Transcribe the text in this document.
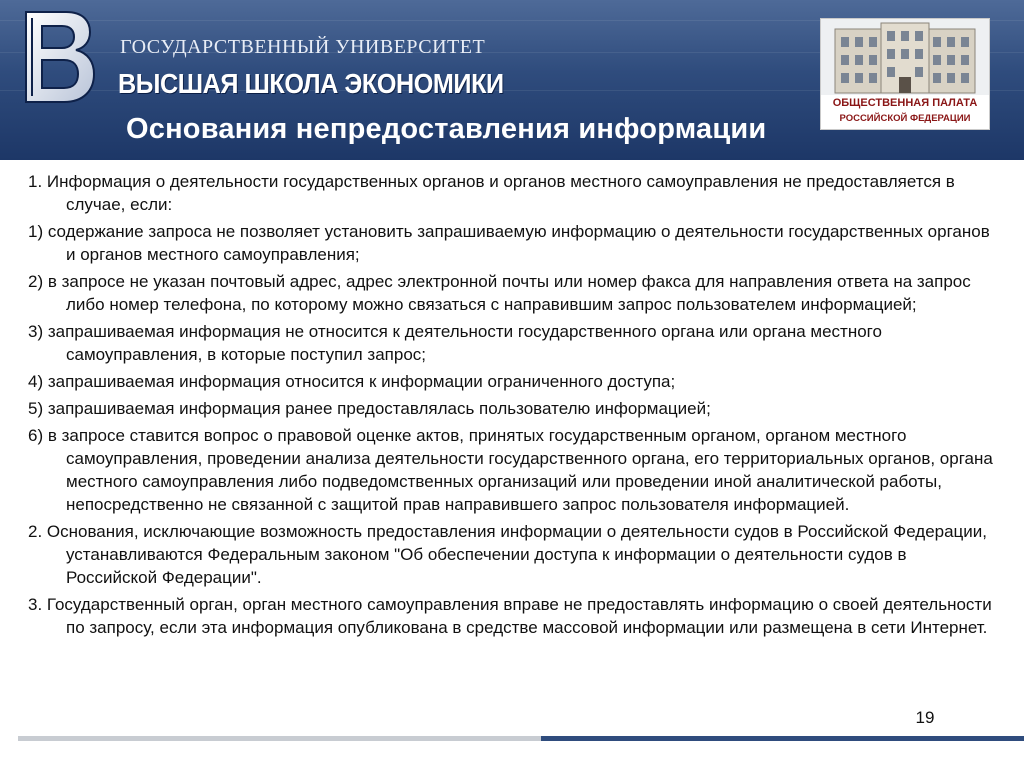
ГОСУДАРСТВЕННЫЙ УНИВЕРСИТЕТ
ВЫСШАЯ ШКОЛА ЭКОНОМИКИ
Основания непредоставления информации
ОБЩЕСТВЕННАЯ ПАЛАТА
РОССИЙСКОЙ ФЕДЕРАЦИИ

1. Информация о деятельности государственных органов и органов местного самоуправления не предоставляется в случае, если:

1) содержание запроса не позволяет установить запрашиваемую информацию о деятельности государственных органов и органов местного самоуправления;

2) в запросе не указан почтовый адрес, адрес электронной почты или номер факса для направления ответа на запрос либо номер телефона, по которому можно связаться с направившим запрос пользователем информацией;

3) запрашиваемая информация не относится к деятельности государственного органа или органа местного самоуправления, в которые поступил запрос;

4) запрашиваемая информация относится к информации ограниченного доступа;

5) запрашиваемая информация ранее предоставлялась пользователю информацией;

6) в запросе ставится вопрос о правовой оценке актов, принятых государственным органом, органом местного самоуправления, проведении анализа деятельности государственного органа, его территориальных органов, органа местного самоуправления либо подведомственных организаций или проведении иной аналитической работы, непосредственно не связанной с защитой прав направившего запрос пользователя информацией.

2. Основания, исключающие возможность предоставления информации о деятельности судов в Российской Федерации, устанавливаются Федеральным законом "Об обеспечении доступа к информации о деятельности судов в Российской Федерации".

3. Государственный орган, орган местного самоуправления вправе не предоставлять информацию о своей деятельности по запросу, если эта информация опубликована в средстве массовой информации или размещена в сети Интернет.

19
